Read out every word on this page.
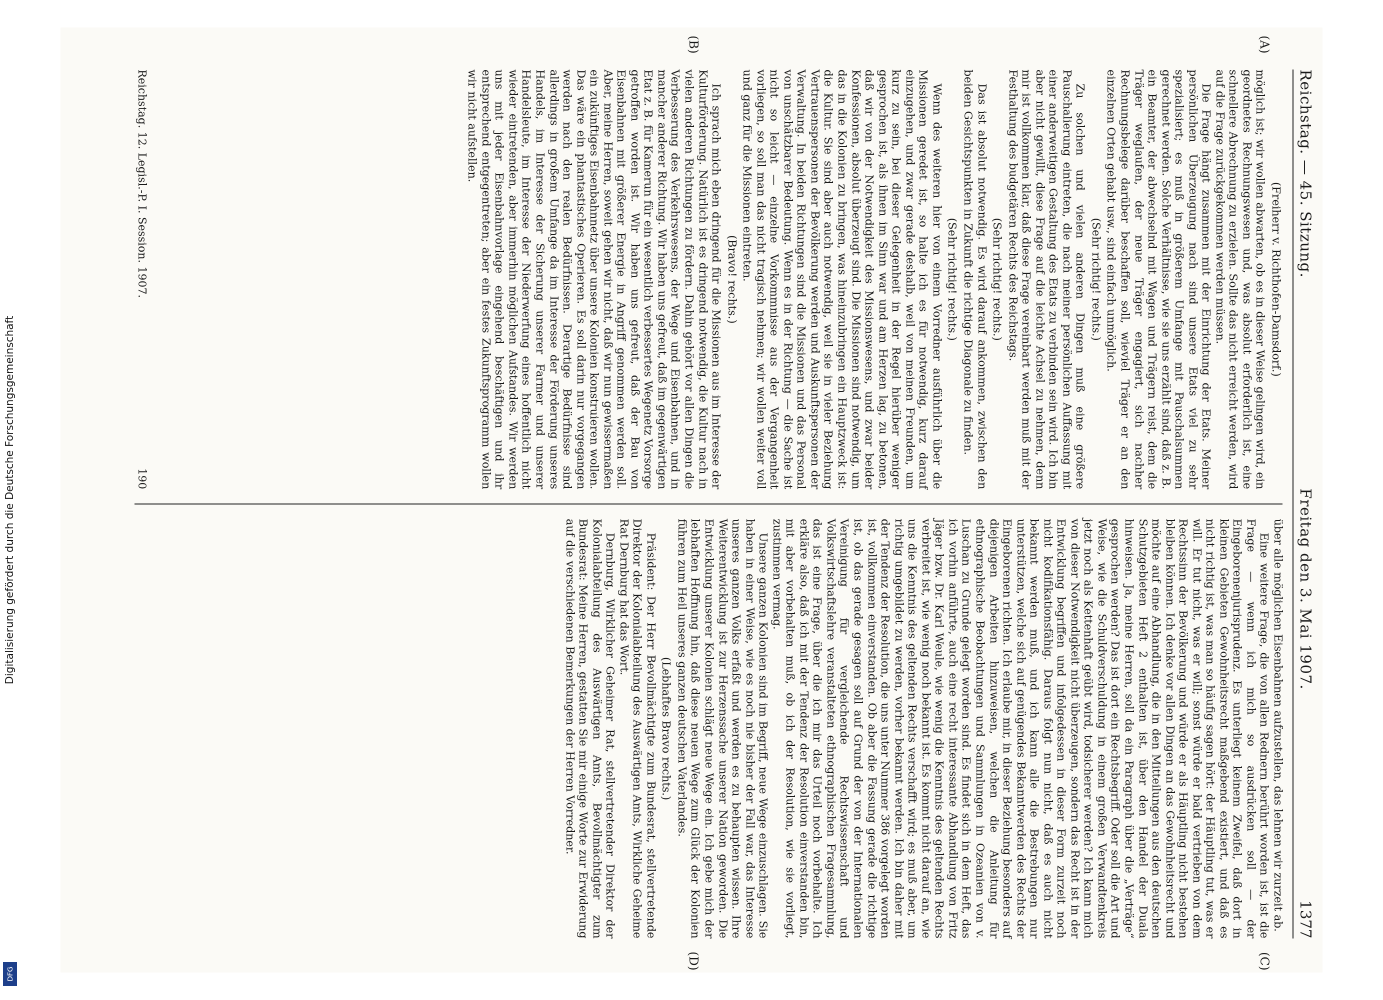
Digitalisierung gefördert durch die Deutsche Forschungsgemeinschaft
DFG
Reichstag. — 45. Sitzung.
Freitag den 3. Mai 1907.
1377
(A)
(B)

(Freiherr v. Richthofen-Damsdorf.)

möglich ist; wir wollen abwarten, ob es in dieser Weise gelingen wird, ein geordnetes Rechnungswesen und, was absolut erforderlich ist, eine schnellere Abrechnung zu erzielen. Sollte das nicht erreicht werden, wird auf die Frage zurückgekommen werden müssen.

Die Frage hängt zusammen mit der Einrichtung der Etats. Meiner persönlichen Überzeugung nach sind unsere Etats viel zu sehr spezialisiert; es muß in größerem Umfange mit Pauschalsummen gerechnet werden. Solche Verhältnisse, wie sie uns erzählt sind, daß z. B. ein Beamter, der abwechselnd mit Wagen und Trägern reist, dem die Träger weglaufen, der neue Träger engagiert, sich nachher Rechnungsbelege darüber beschaffen soll, wieviel Träger er an den einzelnen Orten gehabt usw., sind einfach unmöglich.

(Sehr richtig! rechts.)

Zu solchen und vielen anderen Dingen muß eine größere Pauschalierung eintreten, die nach meiner persönlichen Auffassung mit einer anderweitigen Gestaltung des Etats zu verbinden sein wird. Ich bin aber nicht gewillt, diese Frage auf die leichte Achsel zu nehmen, denn mir ist vollkommen klar, daß diese Frage vereinbart werden muß mit der Festhaltung des budgetären Rechts des Reichstags.

(Sehr richtig! rechts.)

Das ist absolut notwendig. Es wird darauf ankommen, zwischen den beiden Gesichtspunkten in Zukunft die richtige Diagonale zu finden.

(Sehr richtig! rechts.)

Wenn des weiteren hier von einem Vorredner ausführlich über die Missionen geredet ist, so halte ich es für notwendig, kurz darauf einzugehen, und zwar gerade deshalb, weil von meinen Freunden, um kurz zu sein, bei dieser Gelegenheit in der Regel hierüber weniger gesprochen ist, als ihnen im Sinn war und am Herzen lag, zu betonen, daß wir von der Notwendigkeit des Missionswesens, und zwar beider Konfessionen, absolut überzeugt sind. Die Missionen sind notwendig, um das in die Kolonien zu bringen, was hineinzubringen ein Hauptzweck ist: die Kultur. Sie sind aber auch notwendig, weil sie in vieler Beziehung Vertrauenspersonen der Bevölkerung werden und Auskunftspersonen der Verwaltung. In beiden Richtungen sind die Missionen und das Personal von unschätzbarer Bedeutung. Wenn es in der Richtung — die Sache ist nicht so leicht — einzelne Vorkommnisse aus der Vergangenheit vorliegen, so soll man das nicht tragisch nehmen; wir wollen weiter voll und ganz für die Missionen eintreten.

(Bravo! rechts.)

Ich sprach mich eben dringend für die Missionen aus im Interesse der Kulturförderung. Natürlich ist es dringend notwendig, die Kultur nach in vielen anderen Richtungen zu fördern. Dahin gehört vor allen Dingen die Verbesserung des Verkehrswesens, der Wege und Eisenbahnen, und in mancher anderer Richtung. Wir haben uns gefreut, daß im gegenwärtigen Etat z. B. für Kamerun für ein wesentlich verbessertes Wegenetz Vorsorge getroffen worden ist. Wir haben uns gefreut, daß der Bau von Eisenbahnen mit größerer Energie in Angriff genommen werden soll. Aber, meine Herren, soweit gehen wir nicht, daß wir nun gewissermaßen ein zukünftiges Eisenbahnnetz über unsere Kolonien konstruieren wollen. Das wäre ein phantastisches Operieren. Es soll darin nur vorgegangen werden nach den realen Bedürfnissen. Derartige Bedürfnisse sind allerdings in großem Umfange da im Interesse der Förderung unseres Handels, im Interesse der Sicherung unserer Farmer und unserer Handelsleute, im Interesse der Niederwerfung eines hoffentlich nicht wieder eintretenden, aber immerhin möglichen Aufstandes. Wir werden uns mit jeder Eisenbahnvorlage eingehend beschäftigen und ihr entsprechend entgegentreten; aber ein festes Zukunftsprogramm wollen wir nicht aufstellen.

Reichstag. 12. Legisl.-P. I. Session. 1907.
190
(C)
(D)

über alle möglichen Eisenbahnen aufzustellen, das lehnen wir zurzeit ab.

Eine weitere Frage, die von allen Rednern berührt worden ist, ist die Frage — wenn ich mich so ausdrücken soll — der Eingeborenenjurisprudenz. Es unterliegt keinem Zweifel, daß dort in kleinen Gebieten Gewohnheitsrecht maßgebend existiert, und daß es nicht richtig ist, was man so häufig sagen hört: der Häuptling tut, was er will. Er tut nicht, was er will; sonst würde er bald vertrieben von dem Rechtssinn der Bevölkerung und würde er als Häuptling nicht bestehen bleiben können. Ich denke vor allen Dingen an das Gewohnheitsrecht und möchte auf eine Abhandlung, die in den Mitteilungen aus den deutschen Schutzgebieten Heft 2 enthalten ist, über den Handel der Duala hinweisen. Ja, meine Herren, soll da ein Paragraph über die „Verträge“ gesprochen werden? Das ist dort ein Rechtsbegriff. Oder soll die Art und Weise, wie die Schuldverschuldung in einem großen Verwandtenkreis jetzt noch als Kettenhaft geübt wird, todsicherer werden? Ich kann mich von dieser Notwendigkeit nicht überzeugen, sondern das Recht ist in der Entwicklung begriffen und infolgedessen in dieser Form zurzeit noch nicht kodifikationsfähig. Daraus folgt nun nicht, daß es auch nicht bekannt werden muß, und ich kann alle die Bestrebungen nur unterstützen, welche sich auf genügendes Bekanntwerden des Rechts der Eingeborenen richten. Ich erlaube mir, in dieser Beziehung besonders auf diejenigen Arbeiten hinzuweisen, welchen die Anleitung für ethnographische Beobachtungen und Sammlungen in Ozeanien von v. Luschan zu Grunde gelegt worden sind. Es findet sich in dem Heft, das ich vorhin anführte, auch eine recht interessante Abhandlung von Fritz Jäger bzw. Dr. Karl Weule, wie wenig die Kenntnis des geltenden Rechts verbreitet ist, wie wenig noch bekannt ist. Es kommt nicht darauf an, wie uns die Kenntnis des geltenden Rechts verschafft wird; es muß aber, um richtig umgebildet zu werden, vorher bekannt werden. Ich bin daher mit der Tendenz der Resolution, die uns unter Nummer 386 vorgelegt worden ist, vollkommen einverstanden. Ob aber die Fassung gerade die richtige ist, ob das gerade gesagen soll auf Grund der von der Internationalen Vereinigung für vergleichende Rechtswissenschaft und Volkswirtschaftslehre veranstalteten ethnographischen Fragesammlung, das ist eine Frage, über die ich mir das Urteil noch vorbehalte. Ich erkläre also, daß ich mit der Tendenz der Resolution einverstanden bin, mit aber vorbehalten muß, ob ich der Resolution, wie sie vorliegt, zustimmen vermag.

Unsere ganzen Kolonien sind im Begriff, neue Wege einzuschlagen. Sie haben in einer Weise, wie es noch nie bisher der Fall war, das Interesse unseres ganzen Volks erfaßt und werden es zu behaupten wissen. Ihre Weiterentwicklung ist zur Herzenssache unserer Nation geworden. Die Entwicklung unserer Kolonien schlägt neue Wege ein. Ich gebe mich der lebhaften Hoffnung hin, daß diese neuen Wege zum Glück der Kolonien führen zum Heil unseres ganzen deutschen Vaterlandes.

(Lebhaftes Bravo rechts.)

Präsident: Der Herr Bevollmächtigte zum Bundesrat, stellvertretende Direktor der Kolonialabteilung des Auswärtigen Amts, Wirkliche Geheime Rat Dernburg hat das Wort.

Dernburg, Wirklicher Geheimer Rat, stellvertretender Direktor der Kolonialabteilung des Auswärtigen Amts, Bevollmächtigter zum Bundesrat: Meine Herren, gestatten Sie mir einige Worte zur Erwiderung auf die verschiedenen Bemerkungen der Herren Vorredner.
